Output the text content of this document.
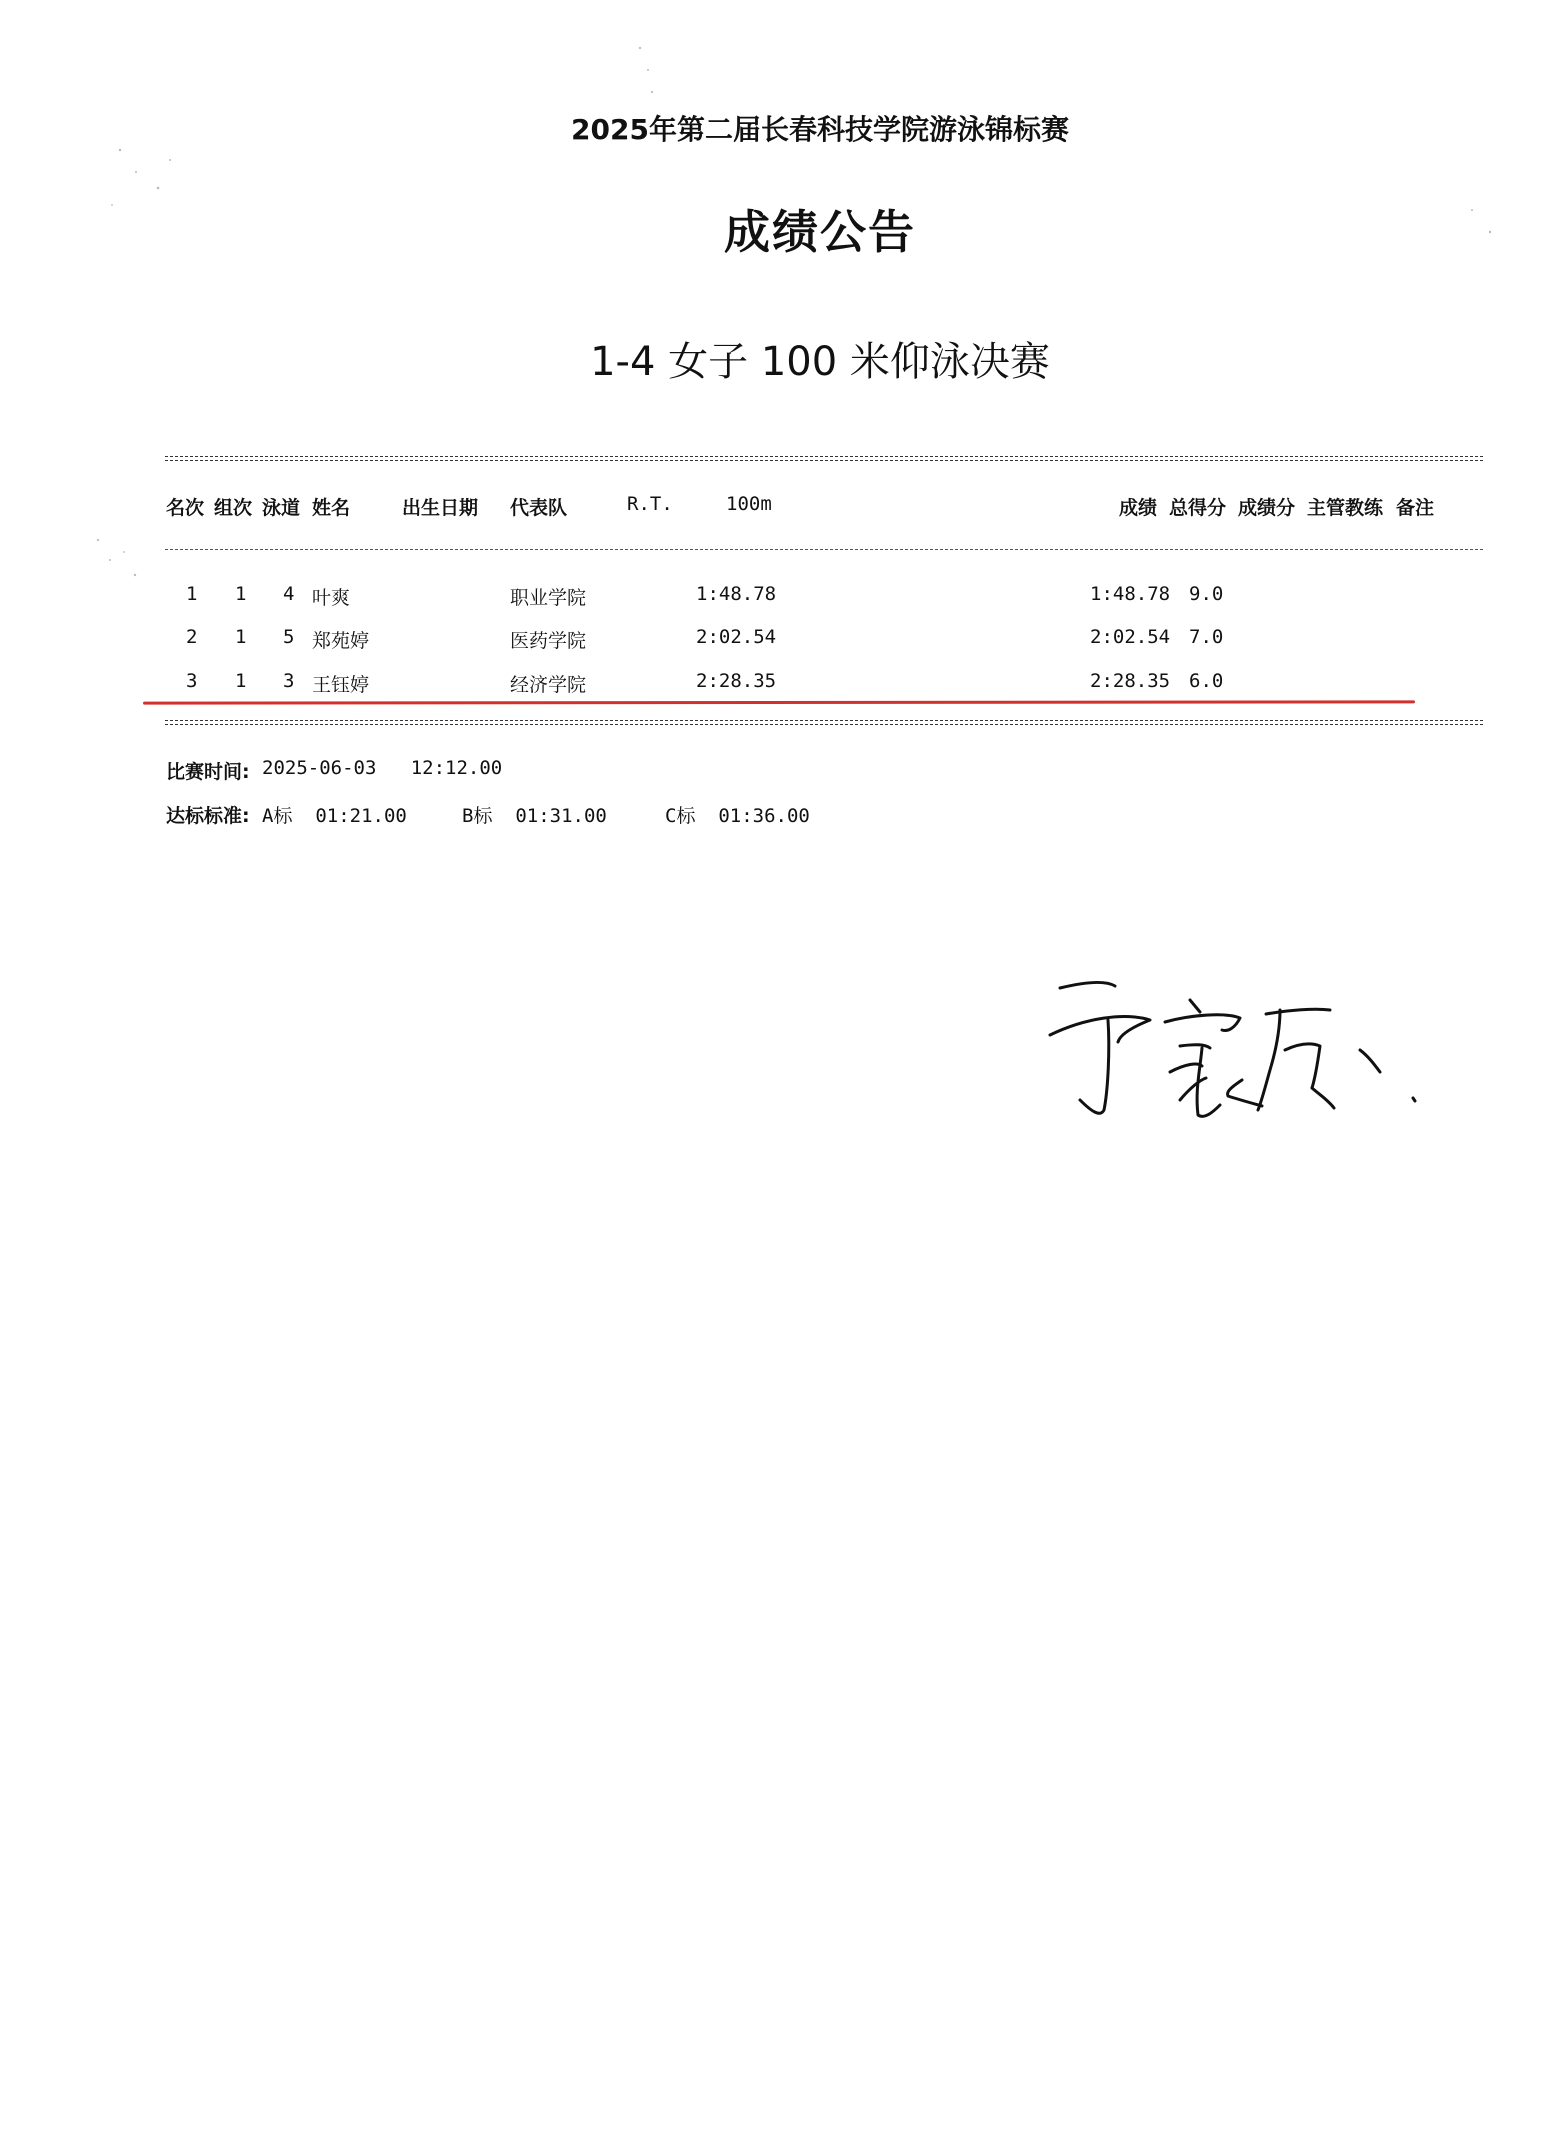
2025年第二届长春科技学院游泳锦标赛
成绩公告
1-4 女子 100 米仰泳决赛
名次 组次 泳道 姓名	出生日期 代表队	R.T.	100m	成绩 总得分 成绩分 主管教练 备注
1 1 4 叶爽	职业学院	1:48.78	1:48.78 9.0
2 1 5 郑苑婷	医药学院	2:02.54	2:02.54 7.0
3 1 3 王钰婷	经济学院	2:28.35	2:28.35 6.0
比赛时间: 2025-06-03   12:12.00
达标标准: A标  01:21.00	B标  01:31.00	C标  01:36.00
